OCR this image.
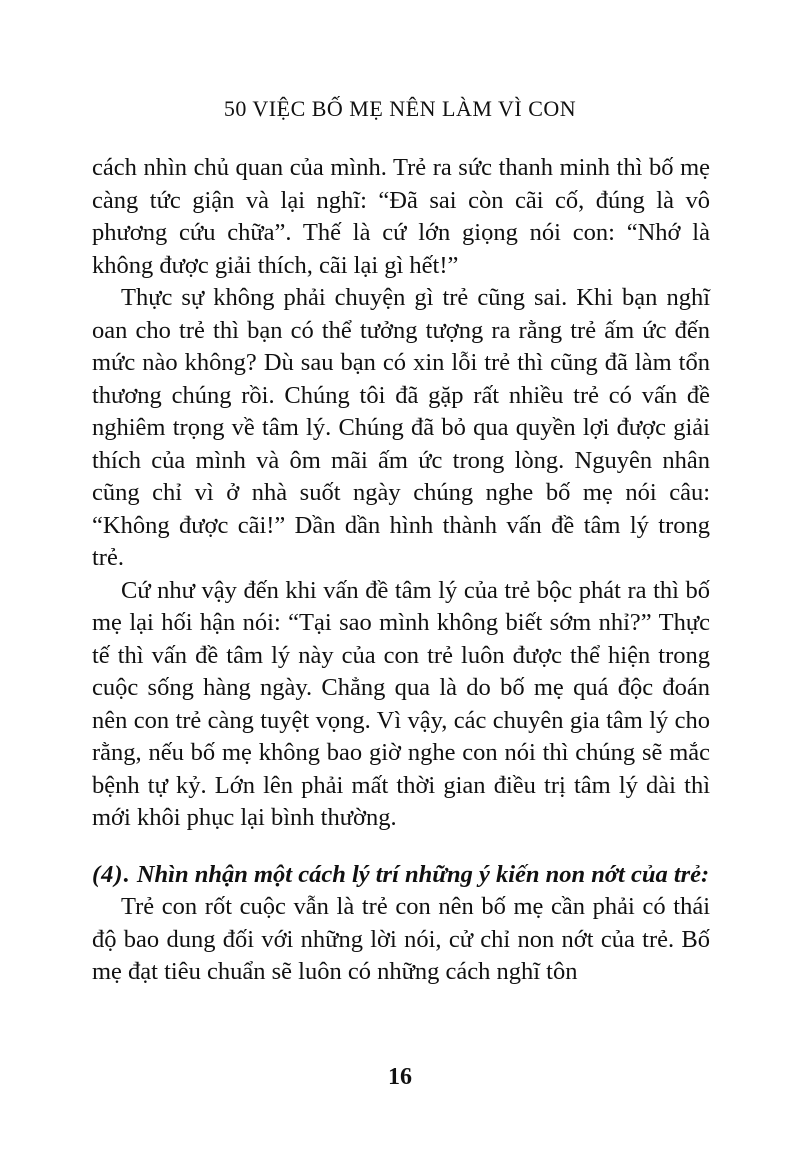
50 VIỆC BỐ MẸ NÊN LÀM VÌ CON

cách nhìn chủ quan của mình. Trẻ ra sức thanh minh thì bố mẹ càng tức giận và lại nghĩ: “Đã sai còn cãi cố, đúng là vô phương cứu chữa”. Thế là cứ lớn giọng nói con: “Nhớ là không được giải thích, cãi lại gì hết!”

Thực sự không phải chuyện gì trẻ cũng sai. Khi bạn nghĩ oan cho trẻ thì bạn có thể tưởng tượng ra rằng trẻ ấm ức đến mức nào không? Dù sau bạn có xin lỗi trẻ thì cũng đã làm tổn thương chúng rồi. Chúng tôi đã gặp rất nhiều trẻ có vấn đề nghiêm trọng về tâm lý. Chúng đã bỏ qua quyền lợi được giải thích của mình và ôm mãi ấm ức trong lòng. Nguyên nhân cũng chỉ vì ở nhà suốt ngày chúng nghe bố mẹ nói câu: “Không được cãi!” Dần dần hình thành vấn đề tâm lý trong trẻ.

Cứ như vậy đến khi vấn đề tâm lý của trẻ bộc phát ra thì bố mẹ lại hối hận nói: “Tại sao mình không biết sớm nhỉ?” Thực tế thì vấn đề tâm lý này của con trẻ luôn được thể hiện trong cuộc sống hàng ngày. Chẳng qua là do bố mẹ quá độc đoán nên con trẻ càng tuyệt vọng. Vì vậy, các chuyên gia tâm lý cho rằng, nếu bố mẹ không bao giờ nghe con nói thì chúng sẽ mắc bệnh tự kỷ. Lớn lên phải mất thời gian điều trị tâm lý dài thì mới khôi phục lại bình thường.

(4). Nhìn nhận một cách lý trí những ý kiến non nớt của trẻ:

Trẻ con rốt cuộc vẫn là trẻ con nên bố mẹ cần phải có thái độ bao dung đối với những lời nói, cử chỉ non nớt của trẻ. Bố mẹ đạt tiêu chuẩn sẽ luôn có những cách nghĩ tôn

16
